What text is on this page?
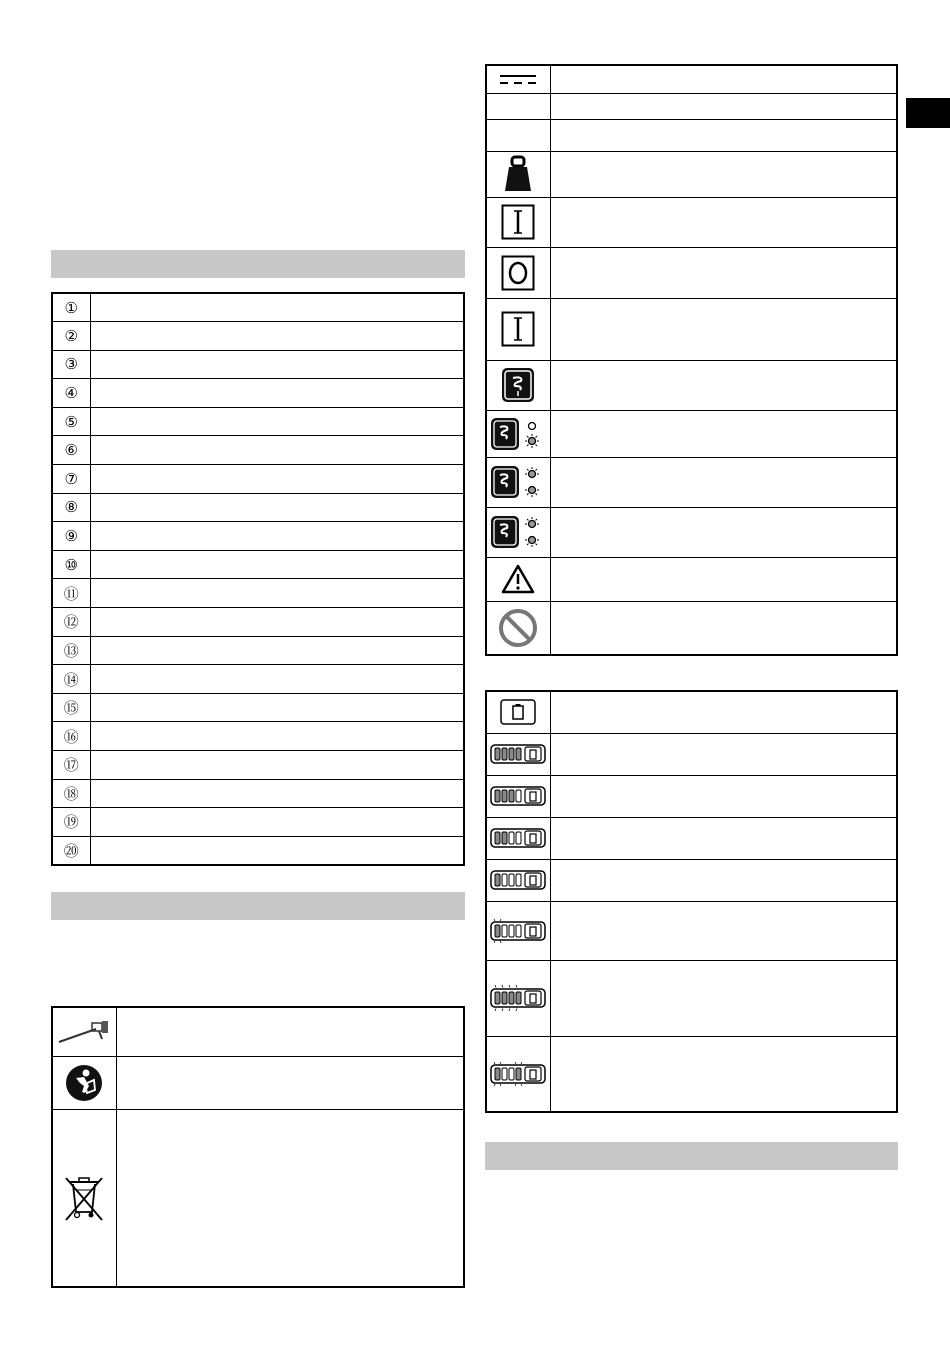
①	
②	
③	
④	
⑤	
⑥	
⑦	
⑧	
⑨	
⑩	
⑪	
⑫	
⑬	
⑭	
⑮	
⑯	
⑰	
⑱	
⑲	
⑳	
